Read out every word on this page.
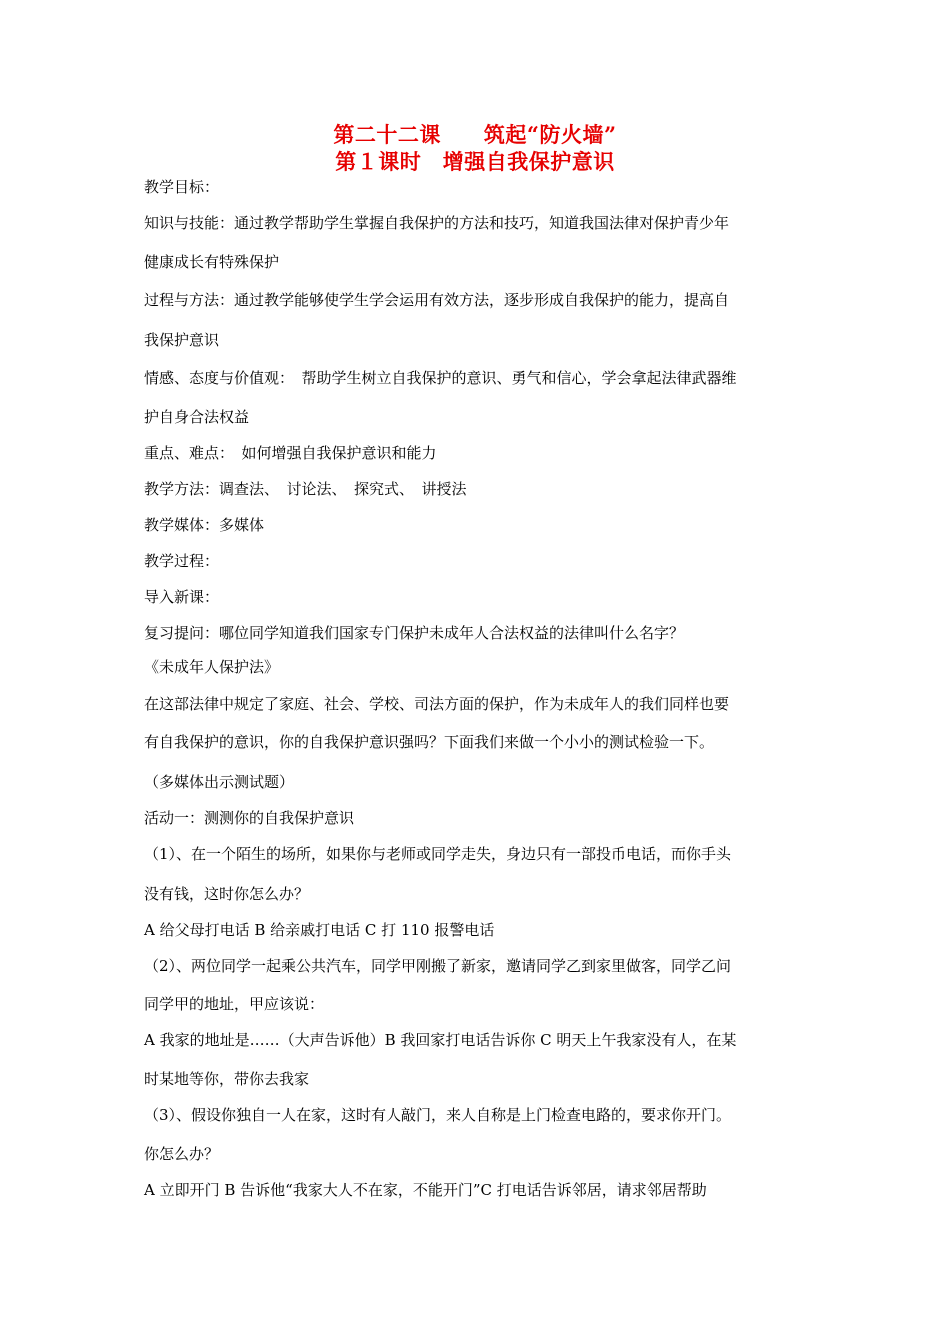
第二十二课　　筑起“防火墙”
第１课时　增强自我保护意识

教学目标：

知识与技能：通过教学帮助学生掌握自我保护的方法和技巧，知道我国法律对保护青少年

健康成长有特殊保护

过程与方法：通过教学能够使学生学会运用有效方法，逐步形成自我保护的能力，提高自

我保护意识

情感、态度与价值观：　帮助学生树立自我保护的意识、勇气和信心，学会拿起法律武器维

护自身合法权益

重点、难点：　如何增强自我保护意识和能力

教学方法：调查法、　讨论法、　探究式、　讲授法

教学媒体：多媒体

教学过程：

导入新课：

复习提问：哪位同学知道我们国家专门保护未成年人合法权益的法律叫什么名字？

《未成年人保护法》

在这部法律中规定了家庭、社会、学校、司法方面的保护，作为未成年人的我们同样也要

有自我保护的意识，你的自我保护意识强吗？下面我们来做一个小小的测试检验一下。

（多媒体出示测试题）

活动一：测测你的自我保护意识

（1）、在一个陌生的场所，如果你与老师或同学走失，身边只有一部投币电话，而你手头

没有钱，这时你怎么办？

A 给父母打电话 B 给亲戚打电话 C 打 110 报警电话

（2）、两位同学一起乘公共汽车，同学甲刚搬了新家，邀请同学乙到家里做客，同学乙问

同学甲的地址，甲应该说：

A 我家的地址是……（大声告诉他）B 我回家打电话告诉你 C 明天上午我家没有人，在某

时某地等你，带你去我家

（3）、假设你独自一人在家，这时有人敲门，来人自称是上门检查电路的，要求你开门。

你怎么办？

A 立即开门 B 告诉他“我家大人不在家，不能开门”C 打电话告诉邻居，请求邻居帮助
